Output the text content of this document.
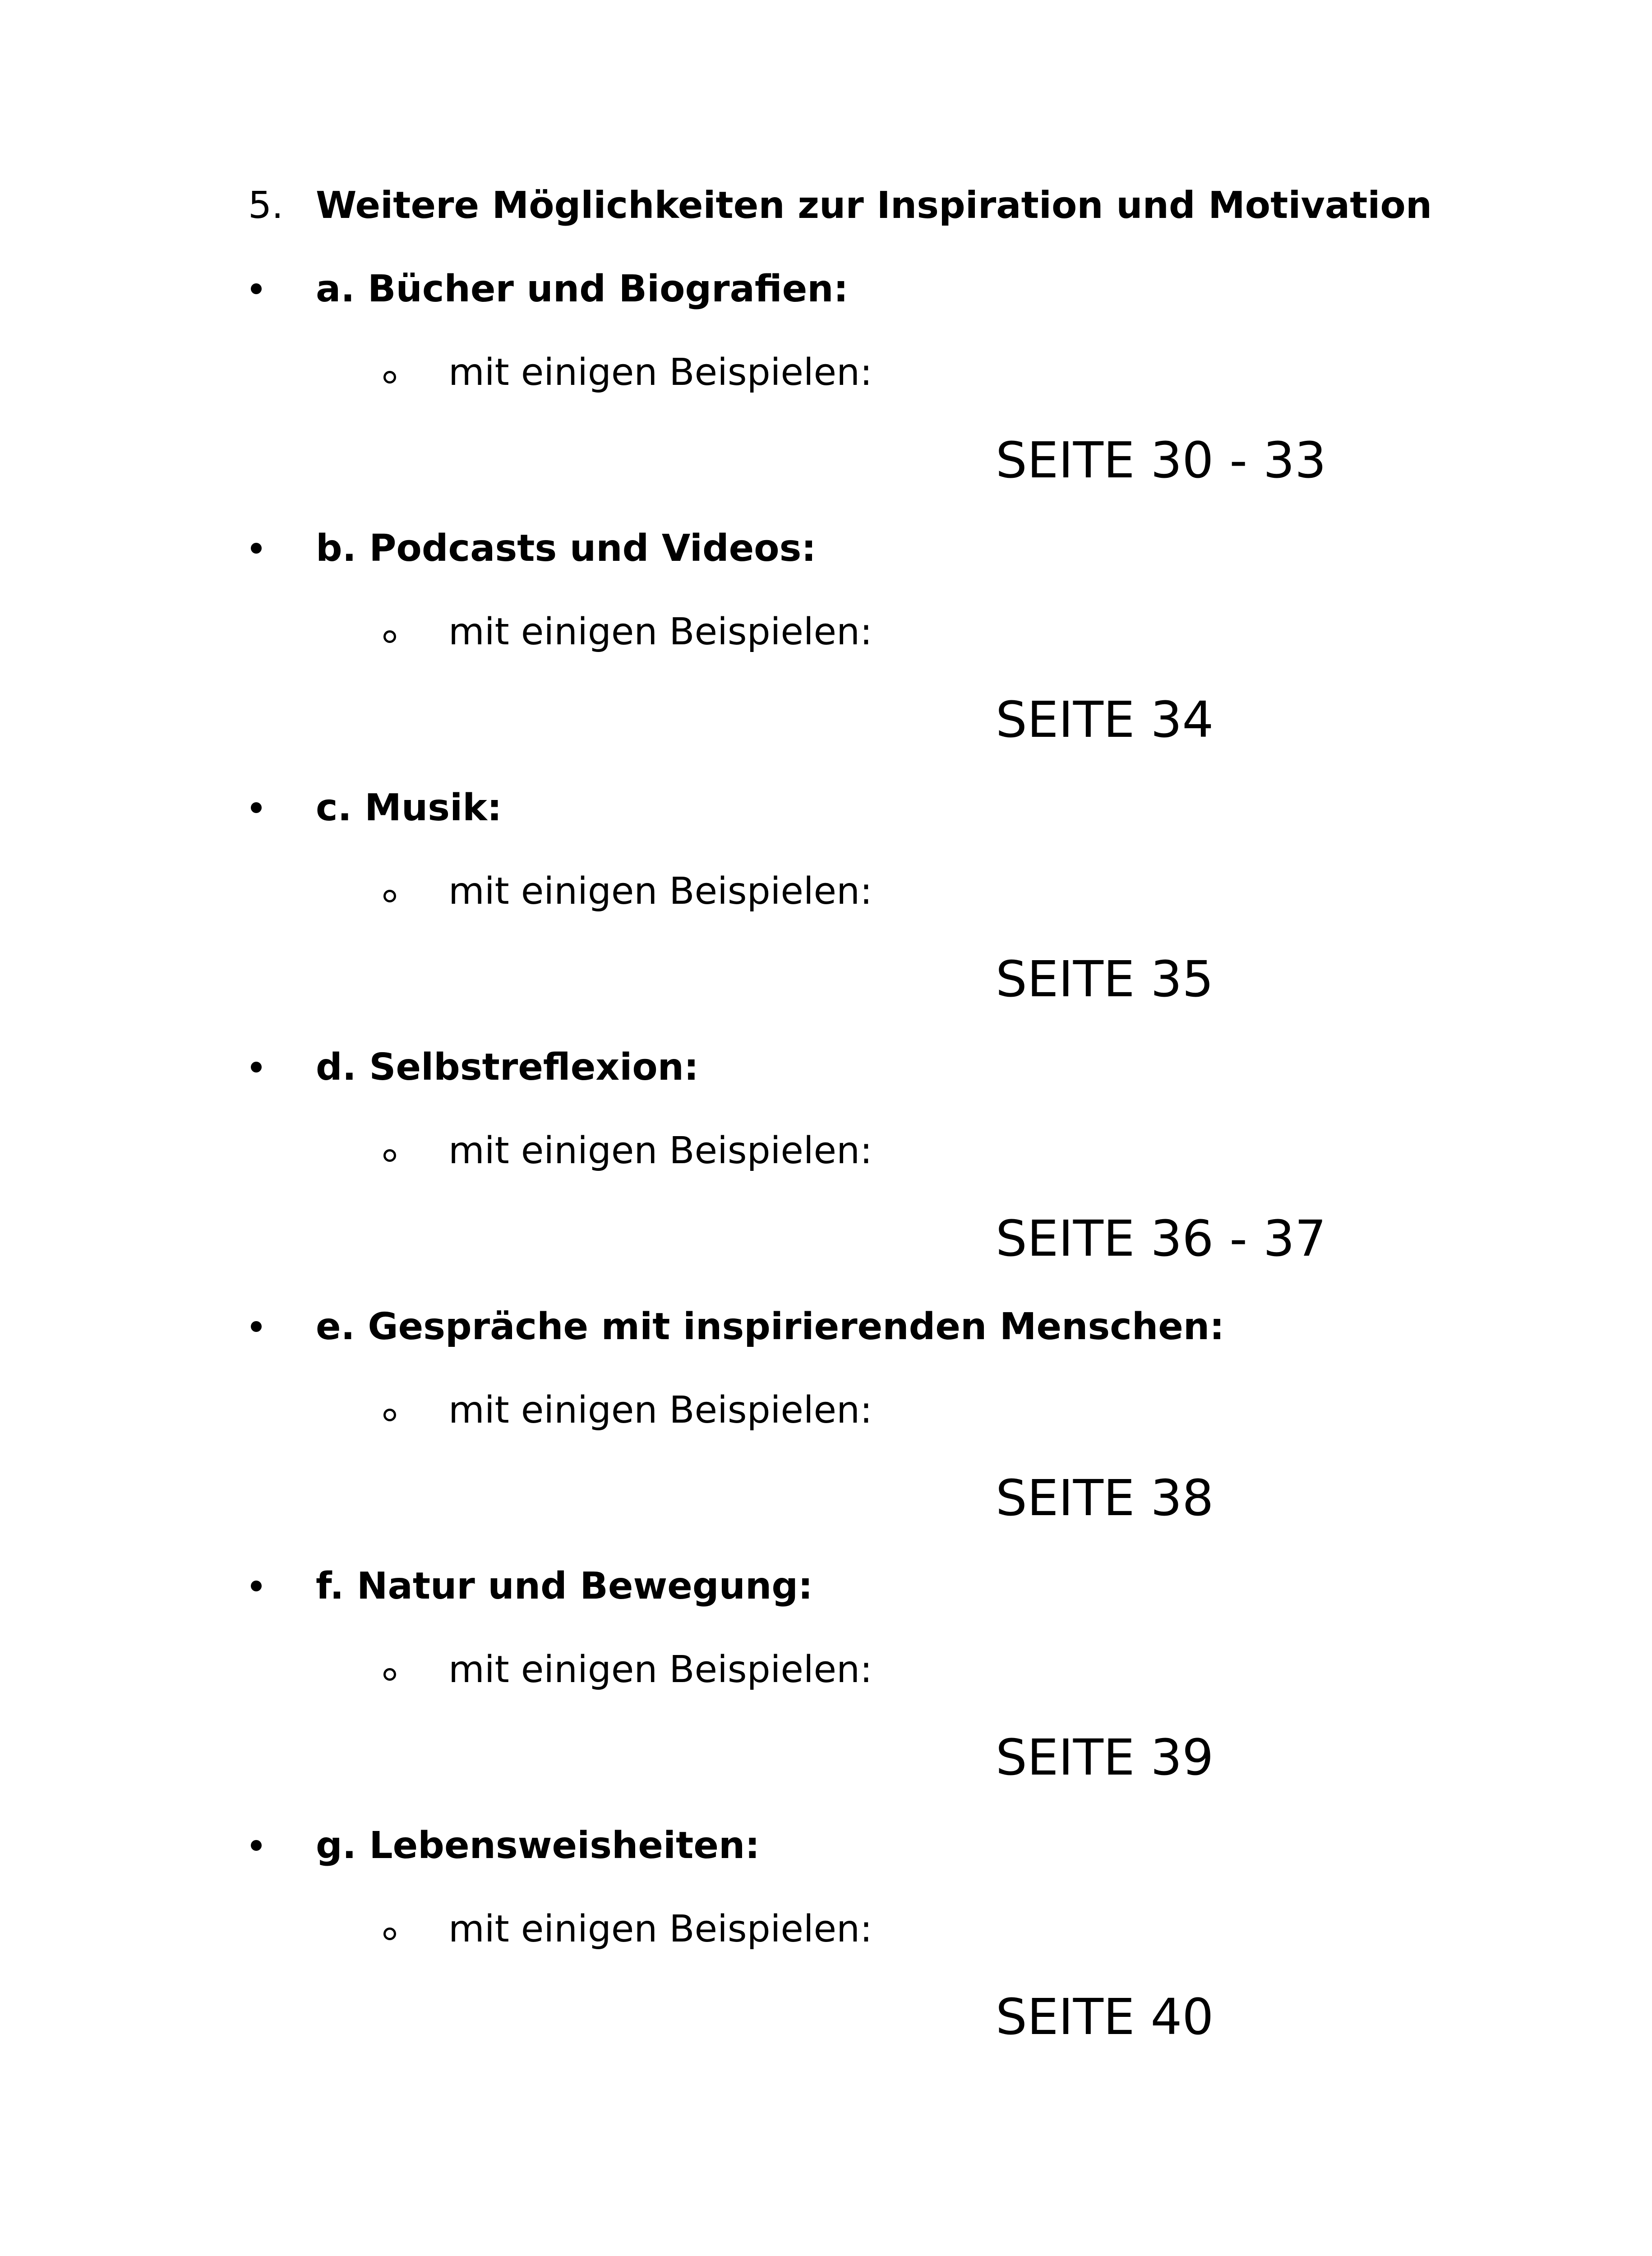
5. Weitere Möglichkeiten zur Inspiration und Motivation
a. Bücher und Biografien:
mit einigen Beispielen:
SEITE 30 - 33
b. Podcasts und Videos:
mit einigen Beispielen:
SEITE 34
c. Musik:
mit einigen Beispielen:
SEITE 35
d. Selbstreflexion:
mit einigen Beispielen:
SEITE 36 - 37
e. Gespräche mit inspirierenden Menschen:
mit einigen Beispielen:
SEITE 38
f. Natur und Bewegung:
mit einigen Beispielen:
SEITE 39
g. Lebensweisheiten:
mit einigen Beispielen:
SEITE 40
